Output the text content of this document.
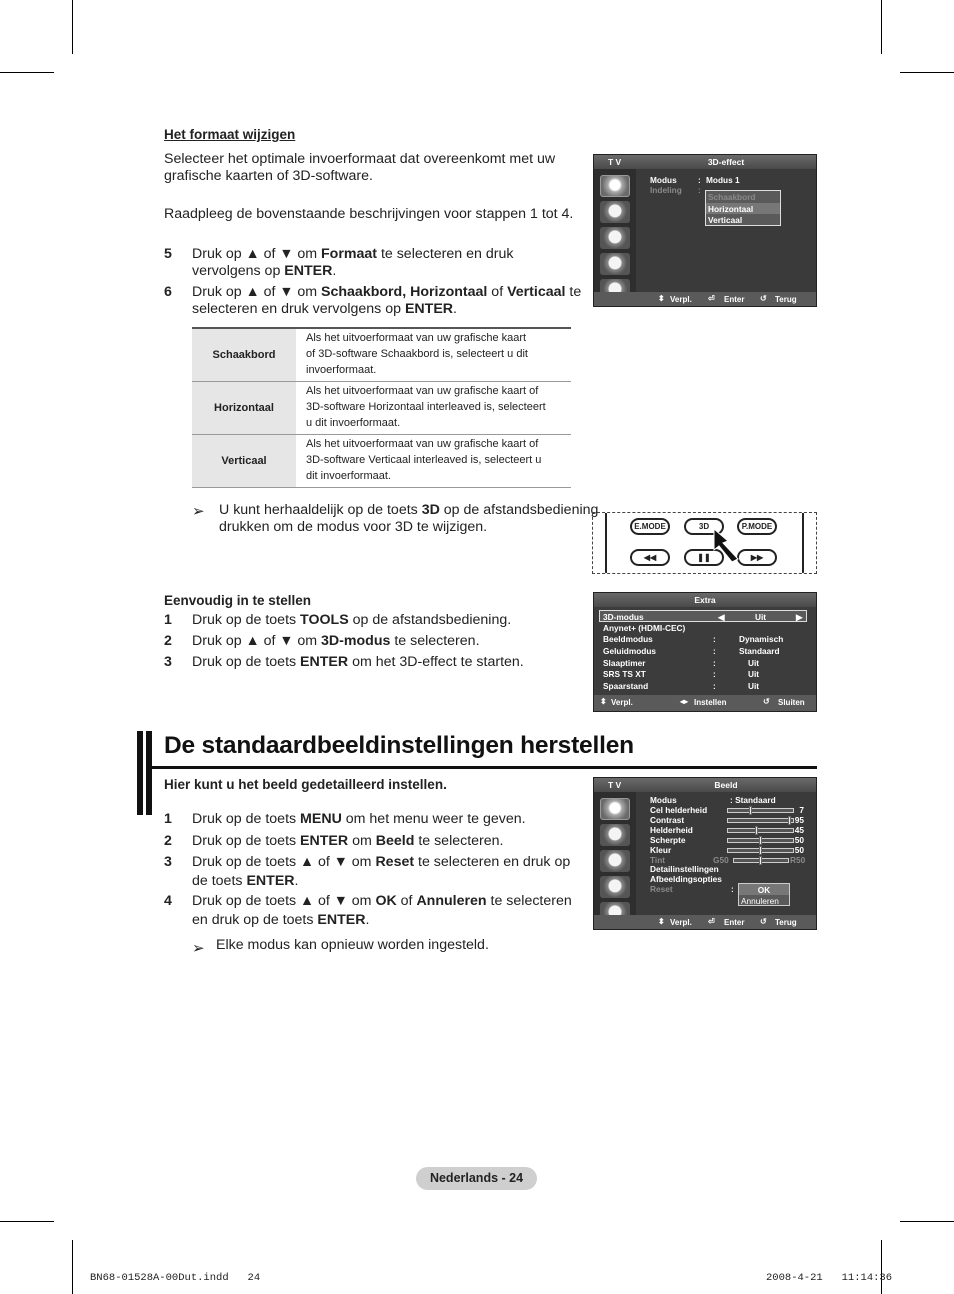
Het formaat wijzigen
Selecteer het optimale invoerformaat dat overeenkomt met uw grafische kaarten of 3D-software.
Raadpleeg de bovenstaande beschrijvingen voor stappen 1 tot 4.
5 Druk op ▲ of ▼ om Formaat te selecteren en druk
vervolgens op ENTER.
6 Druk op ▲ of ▼ om Schaakbord, Horizontaal of Verticaal te
selecteren en druk vervolgens op ENTER.
Schaakbord	Als het uitvoerformaat van uw grafische kaart
of 3D-software Schaakbord is, selecteert u dit
invoerformaat.

Horizontaal	Als het uitvoerformaat van uw grafische kaart of
3D-software Horizontaal interleaved is, selecteert
u dit invoerformaat.

Verticaal	Als het uitvoerformaat van uw grafische kaart of
3D-software Verticaal interleaved is, selecteert u
dit invoerformaat.
➢ U kunt herhaaldelijk op de toets 3D op de afstandsbediening
drukken om de modus voor 3D te wijzigen.
T V	3D-effect
Modus	: Modus 1
Indeling :
Schaakbord
Horizontaal
Verticaal
⬍ Verpl. ⏎ Enter ↺ Terug
E.MODE	3D	P.MODE
◀◀	❚❚	▶▶
Eenvoudig in te stellen
1 Druk op de toets TOOLS op de afstandsbediening.
2 Druk op ▲ of ▼ om 3D-modus te selecteren.
3 Druk op de toets ENTER om het 3D-effect te starten.
Extra
3D-modus	◀	Uit	▶
Anynet+ (HDMI-CEC)
Beeldmodus	:	Dynamisch
Geluidmodus	:	Standaard
Slaaptimer	:	Uit
SRS TS XT	:	Uit
Spaarstand	:	Uit
⬍ Verpl.	◂▸ Instellen	↺ Sluiten
De standaardbeeldinstellingen herstellen
Hier kunt u het beeld gedetailleerd instellen.
1 Druk op de toets MENU om het menu weer te geven.
2 Druk op de toets ENTER om Beeld te selecteren.
3 Druk op de toets ▲ of ▼ om Reset te selecteren en druk op
de toets ENTER.
4 Druk op de toets ▲ of ▼ om OK of Annuleren te selecteren
en druk op de toets ENTER.
➢ Elke modus kan opnieuw worden ingesteld.
T V	Beeld
Modus	: Standaard
Cel helderheid	7
Contrast	95
Helderheid	45
Scherpte	50
Kleur	50
Tint	G50	R50
Detailinstellingen
Afbeeldingsopties
Reset	:	OK
Annuleren
⬍ Verpl. ⏎ Enter ↺ Terug
Nederlands - 24
BN68-01528A-00Dut.indd   24	2008-4-21   11:14:36
